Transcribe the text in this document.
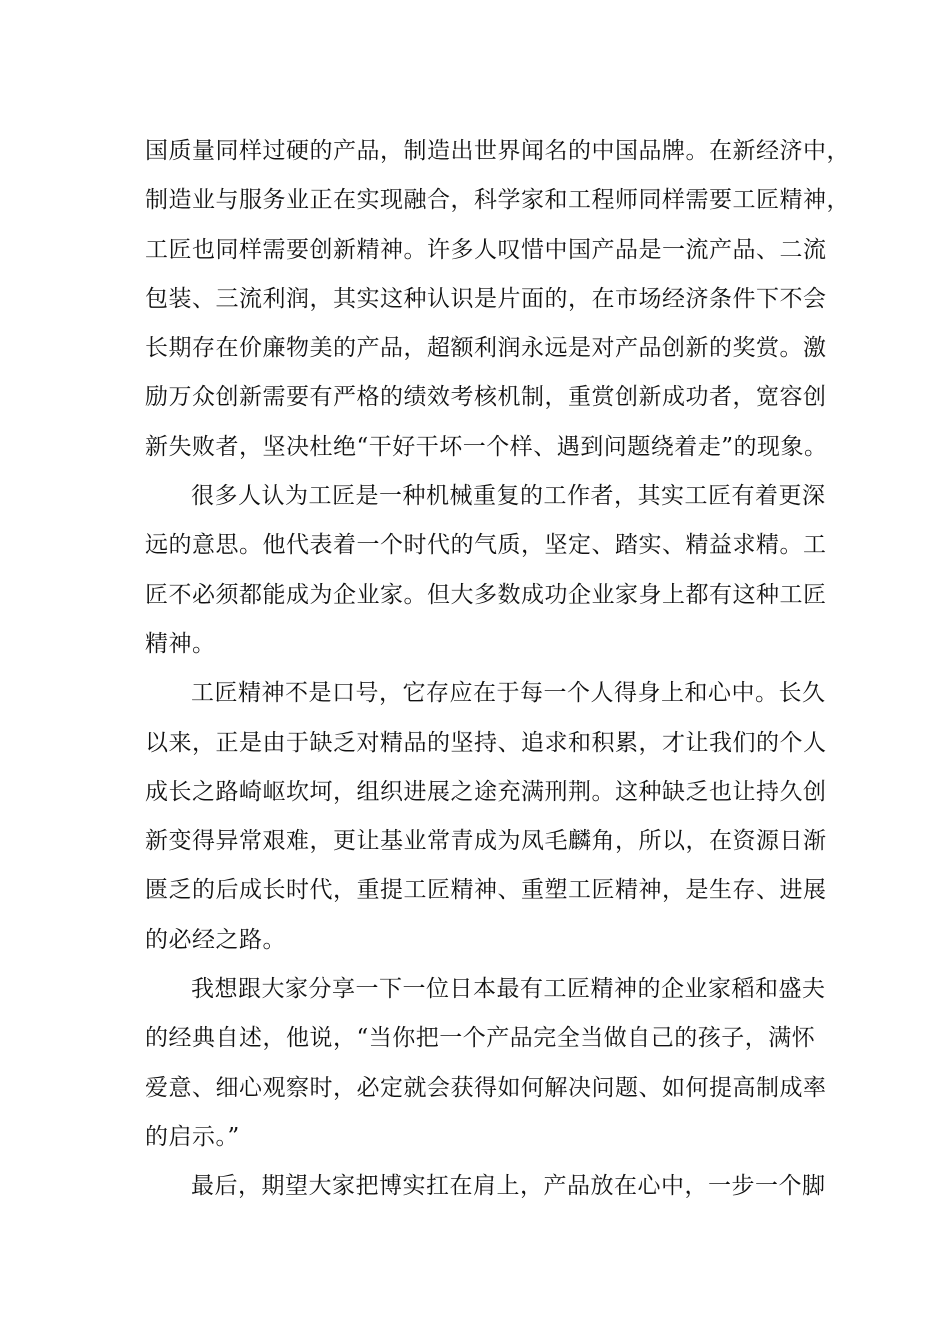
国质量同样过硬的产品，制造出世界闻名的中国品牌。在新经济中，
制造业与服务业正在实现融合，科学家和工程师同样需要工匠精神，
工匠也同样需要创新精神。许多人叹惜中国产品是一流产品、二流
包装、三流利润，其实这种认识是片面的，在市场经济条件下不会
长期存在价廉物美的产品，超额利润永远是对产品创新的奖赏。激
励万众创新需要有严格的绩效考核机制，重赏创新成功者，宽容创
新失败者，坚决杜绝“干好干坏一个样、遇到问题绕着走”的现象。
很多人认为工匠是一种机械重复的工作者，其实工匠有着更深
远的意思。他代表着一个时代的气质，坚定、踏实、精益求精。工
匠不必须都能成为企业家。但大多数成功企业家身上都有这种工匠
精神。
工匠精神不是口号，它存应在于每一个人得身上和心中。长久
以来，正是由于缺乏对精品的坚持、追求和积累，才让我们的个人
成长之路崎岖坎坷，组织进展之途充满刑荆。这种缺乏也让持久创
新变得异常艰难，更让基业常青成为凤毛麟角，所以，在资源日渐
匮乏的后成长时代，重提工匠精神、重塑工匠精神，是生存、进展
的必经之路。
我想跟大家分享一下一位日本最有工匠精神的企业家稻和盛夫
的经典自述，他说，“当你把一个产品完全当做自己的孩子，满怀
爱意、细心观察时，必定就会获得如何解决问题、如何提高制成率
的启示。”
最后，期望大家把博实扛在肩上，产品放在心中，一步一个脚
